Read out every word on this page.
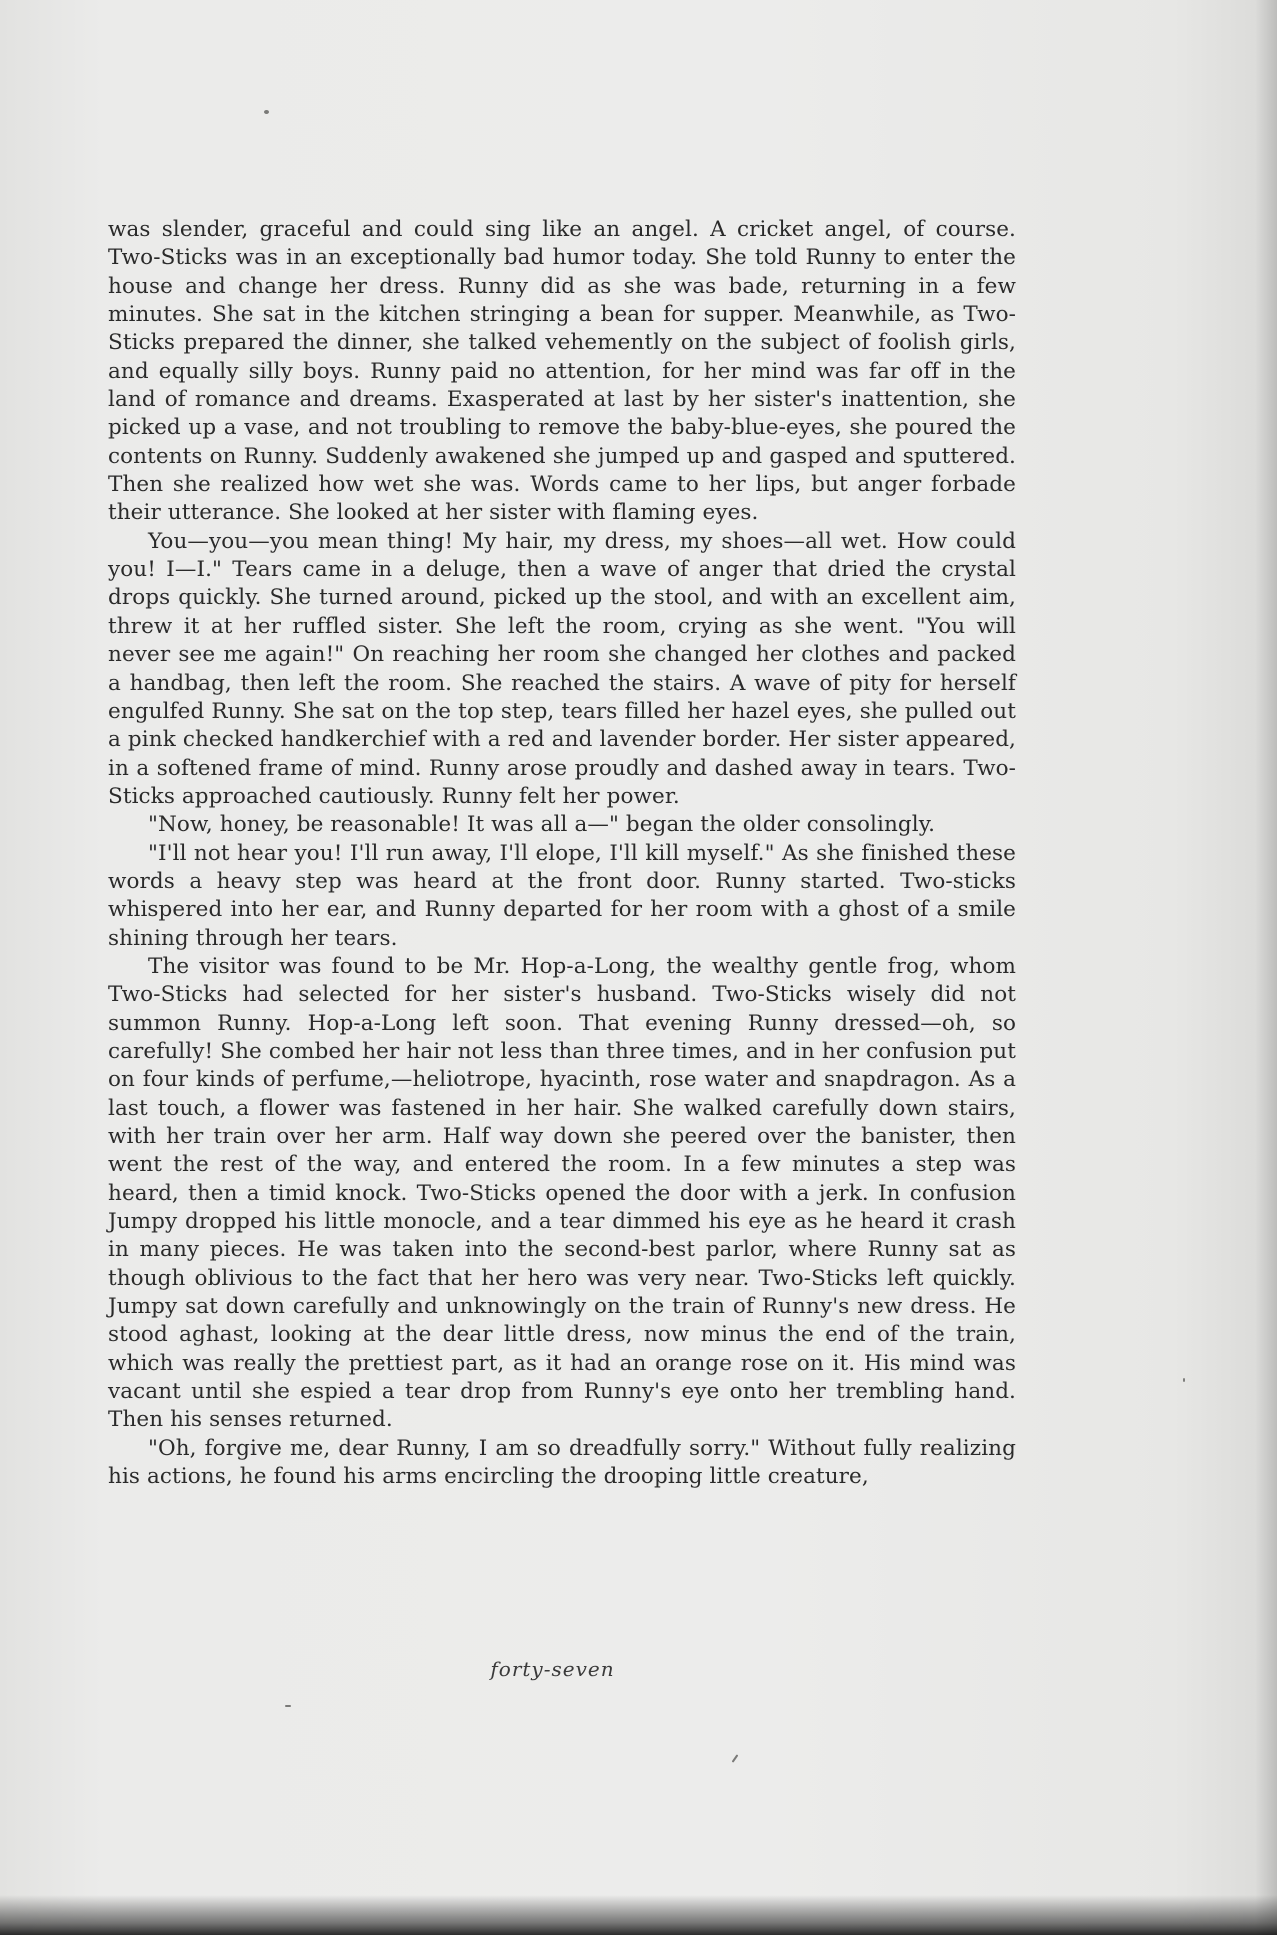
was slender, graceful and could sing like an angel. A cricket angel, of course. Two-Sticks was in an exceptionally bad humor today. She told Runny to enter the house and change her dress. Runny did as she was bade, returning in a few minutes. She sat in the kitchen stringing a bean for supper. Meanwhile, as Two-Sticks prepared the dinner, she talked vehemently on the subject of foolish girls, and equally silly boys. Runny paid no attention, for her mind was far off in the land of romance and dreams. Exasperated at last by her sister's inattention, she picked up a vase, and not troubling to remove the baby-blue-eyes, she poured the contents on Runny. Suddenly awakened she jumped up and gasped and sputtered. Then she realized how wet she was. Words came to her lips, but anger forbade their utterance. She looked at her sister with flaming eyes.

You—you—you mean thing! My hair, my dress, my shoes—all wet. How could you! I—I." Tears came in a deluge, then a wave of anger that dried the crystal drops quickly. She turned around, picked up the stool, and with an excellent aim, threw it at her ruffled sister. She left the room, crying as she went. "You will never see me again!" On reaching her room she changed her clothes and packed a handbag, then left the room. She reached the stairs. A wave of pity for herself engulfed Runny. She sat on the top step, tears filled her hazel eyes, she pulled out a pink checked handkerchief with a red and lavender border. Her sister appeared, in a softened frame of mind. Runny arose proudly and dashed away in tears. Two-Sticks approached cautiously. Runny felt her power.

"Now, honey, be reasonable! It was all a—" began the older consolingly.

"I'll not hear you! I'll run away, I'll elope, I'll kill myself." As she finished these words a heavy step was heard at the front door. Runny started. Two-sticks whispered into her ear, and Runny departed for her room with a ghost of a smile shining through her tears.

The visitor was found to be Mr. Hop-a-Long, the wealthy gentle frog, whom Two-Sticks had selected for her sister's husband. Two-Sticks wisely did not summon Runny. Hop-a-Long left soon. That evening Runny dressed—oh, so carefully! She combed her hair not less than three times, and in her confusion put on four kinds of perfume,—heliotrope, hyacinth, rose water and snapdragon. As a last touch, a flower was fastened in her hair. She walked carefully down stairs, with her train over her arm. Half way down she peered over the banister, then went the rest of the way, and entered the room. In a few minutes a step was heard, then a timid knock. Two-Sticks opened the door with a jerk. In confusion Jumpy dropped his little monocle, and a tear dimmed his eye as he heard it crash in many pieces. He was taken into the second-best parlor, where Runny sat as though oblivious to the fact that her hero was very near. Two-Sticks left quickly. Jumpy sat down carefully and unknowingly on the train of Runny's new dress. He stood aghast, looking at the dear little dress, now minus the end of the train, which was really the prettiest part, as it had an orange rose on it. His mind was vacant until she espied a tear drop from Runny's eye onto her trembling hand. Then his senses returned.

"Oh, forgive me, dear Runny, I am so dreadfully sorry." Without fully realizing his actions, he found his arms encircling the drooping little creature,

forty-seven
